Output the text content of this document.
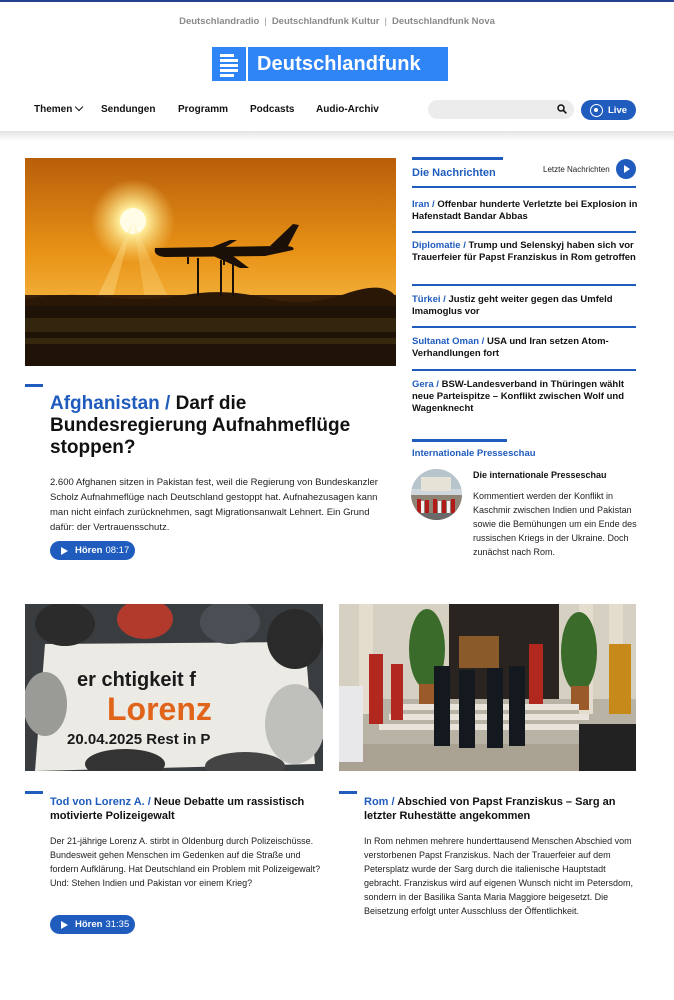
Deutschlandradio | Deutschlandfunk Kultur | Deutschlandfunk Nova
Deutschlandfunk
Themen	Sendungen Programm Podcasts Audio-Archiv	Live
Afghanistan / Darf die Bundesregierung Aufnahmeflüge stoppen?
2.600 Afghanen sitzen in Pakistan fest, weil die Regierung von Bundeskanzler Scholz Aufnahmeflüge nach Deutschland gestoppt hat. Aufnahezusagen kann man nicht einfach zurücknehmen, sagt Migrationsanwalt Lehnert. Ein Grund dafür: der Vertrauensschutz.
Hören 08:17
Die Nachrichten	Letzte Nachrichten
Iran / Offenbar hunderte Verletzte bei Explosion in Hafenstadt Bandar Abbas
Diplomatie / Trump und Selenskyj haben sich vor Trauerfeier für Papst Franziskus in Rom getroffen
Türkei / Justiz geht weiter gegen das Umfeld Imamoglus vor
Sultanat Oman / USA und Iran setzen Atom-Verhandlungen fort
Gera / BSW-Landesverband in Thüringen wählt neue Parteispitze – Konflikt zwischen Wolf und Wagenknecht
Internationale Presseschau
Die internationale Presseschau
Kommentiert werden der Konflikt in Kaschmir zwischen Indien und Pakistan sowie die Bemühungen um ein Ende des russischen Kriegs in der Ukraine. Doch zunächst nach Rom.
er chtigkeit f
Lorenz
20.04.2025 Rest in P
Tod von Lorenz A. / Neue Debatte um rassistisch motivierte Polizeigewalt
Der 21-jährige Lorenz A. stirbt in Oldenburg durch Polizeischüsse. Bundesweit gehen Menschen im Gedenken auf die Straße und fordern Aufklärung. Hat Deutschland ein Problem mit Polizeigewalt? Und: Stehen Indien und Pakistan vor einem Krieg?
Hören 31:35
Rom / Abschied von Papst Franziskus – Sarg an letzter Ruhestätte angekommen
In Rom nehmen mehrere hunderttausend Menschen Abschied vom verstorbenen Papst Franziskus. Nach der Trauerfeier auf dem Petersplatz wurde der Sarg durch die italienische Hauptstadt gebracht. Franziskus wird auf eigenen Wunsch nicht im Petersdom, sondern in der Basilika Santa Maria Maggiore beigesetzt. Die Beisetzung erfolgt unter Ausschluss der Öffentlichkeit.
